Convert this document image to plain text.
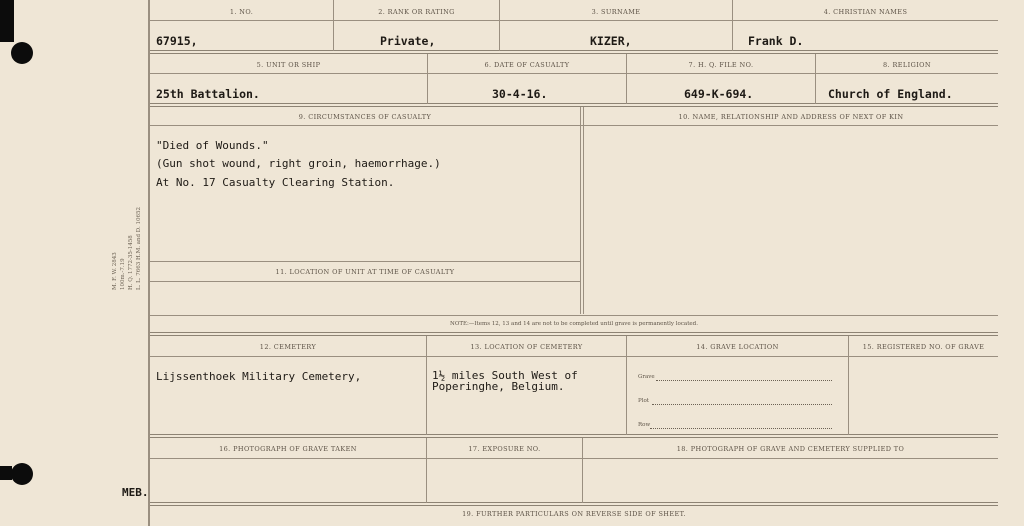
M. F. W. 2843 100m.-7.19 H. Q. 1772-35-1458 L. L. 7663 H.M. and D. 10652
MEB.
1. NO.	2. RANK OR RATING	3. SURNAME	4. CHRISTIAN NAMES
67915,	Private,	KIZER,	Frank D.
5. UNIT OR SHIP	6. DATE OF CASUALTY	7. H. Q. FILE NO.	8. RELIGION
25th Battalion.	30-4-16.	649-K-694.	Church of England.
9. CIRCUMSTANCES OF CASUALTY	10. NAME, RELATIONSHIP AND ADDRESS OF NEXT OF KIN
"Died of Wounds."
(Gun shot wound, right groin, haemorrhage.)
At No. 17 Casualty Clearing Station.
11. LOCATION OF UNIT AT TIME OF CASUALTY
NOTE:—Items 12, 13 and 14 are not to be completed until grave is permanently located.
12. CEMETERY	13. LOCATION OF CEMETERY	14. GRAVE LOCATION	15. REGISTERED NO. OF GRAVE
Lijssenthoek Military Cemetery,	1½ miles South West of
Poperinghe, Belgium.
Grave
Plot
Row
16. PHOTOGRAPH OF GRAVE TAKEN	17. EXPOSURE NO.	18. PHOTOGRAPH OF GRAVE AND CEMETERY SUPPLIED TO
19. FURTHER PARTICULARS ON REVERSE SIDE OF SHEET.
